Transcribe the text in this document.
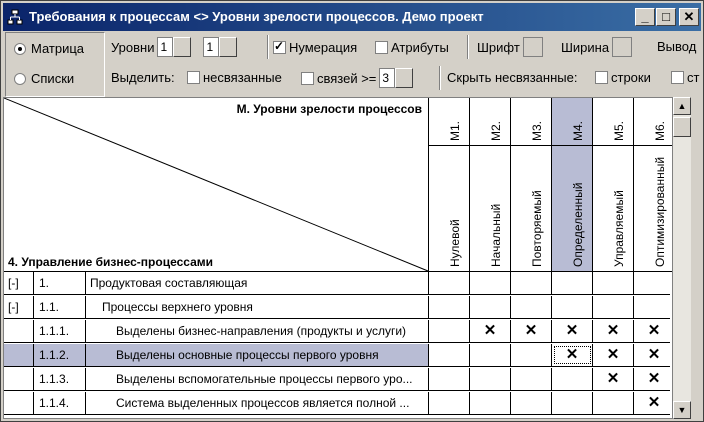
Требования к процессам <> Уровни зрелости процессов. Демо проект	_	□	✕
Матрица
Списки
Уровни 1	1
✓	Нумерация	Атрибуты Шрифт	Ширина	Вывод
Выделить: несвязанные	связей >= 3	Скрыть несвязанные:	строки	ст
М. Уровни зрелости процессов
4. Управление бизнес-процессами
M1.
Нулевой
M2.
Начальный
M3.
Повторяемый
M4.
Определенный
M5.
Управляемый
M6.
Оптимизированный
[-]	1.	Продуктовая составляющая
[-]	1.1.	Процессы верхнего уровня
1.1.1.	Выделены бизнес-направления (продукты и услуги)	✕	✕	✕	✕	✕
1.1.2.	Выделены основные процессы первого уровня	✕	✕	✕
1.1.3.	Выделены вспомогательные процессы первого уро...	✕	✕
1.1.4.	Система выделенных процессов является полной ...	✕
▲
▼
